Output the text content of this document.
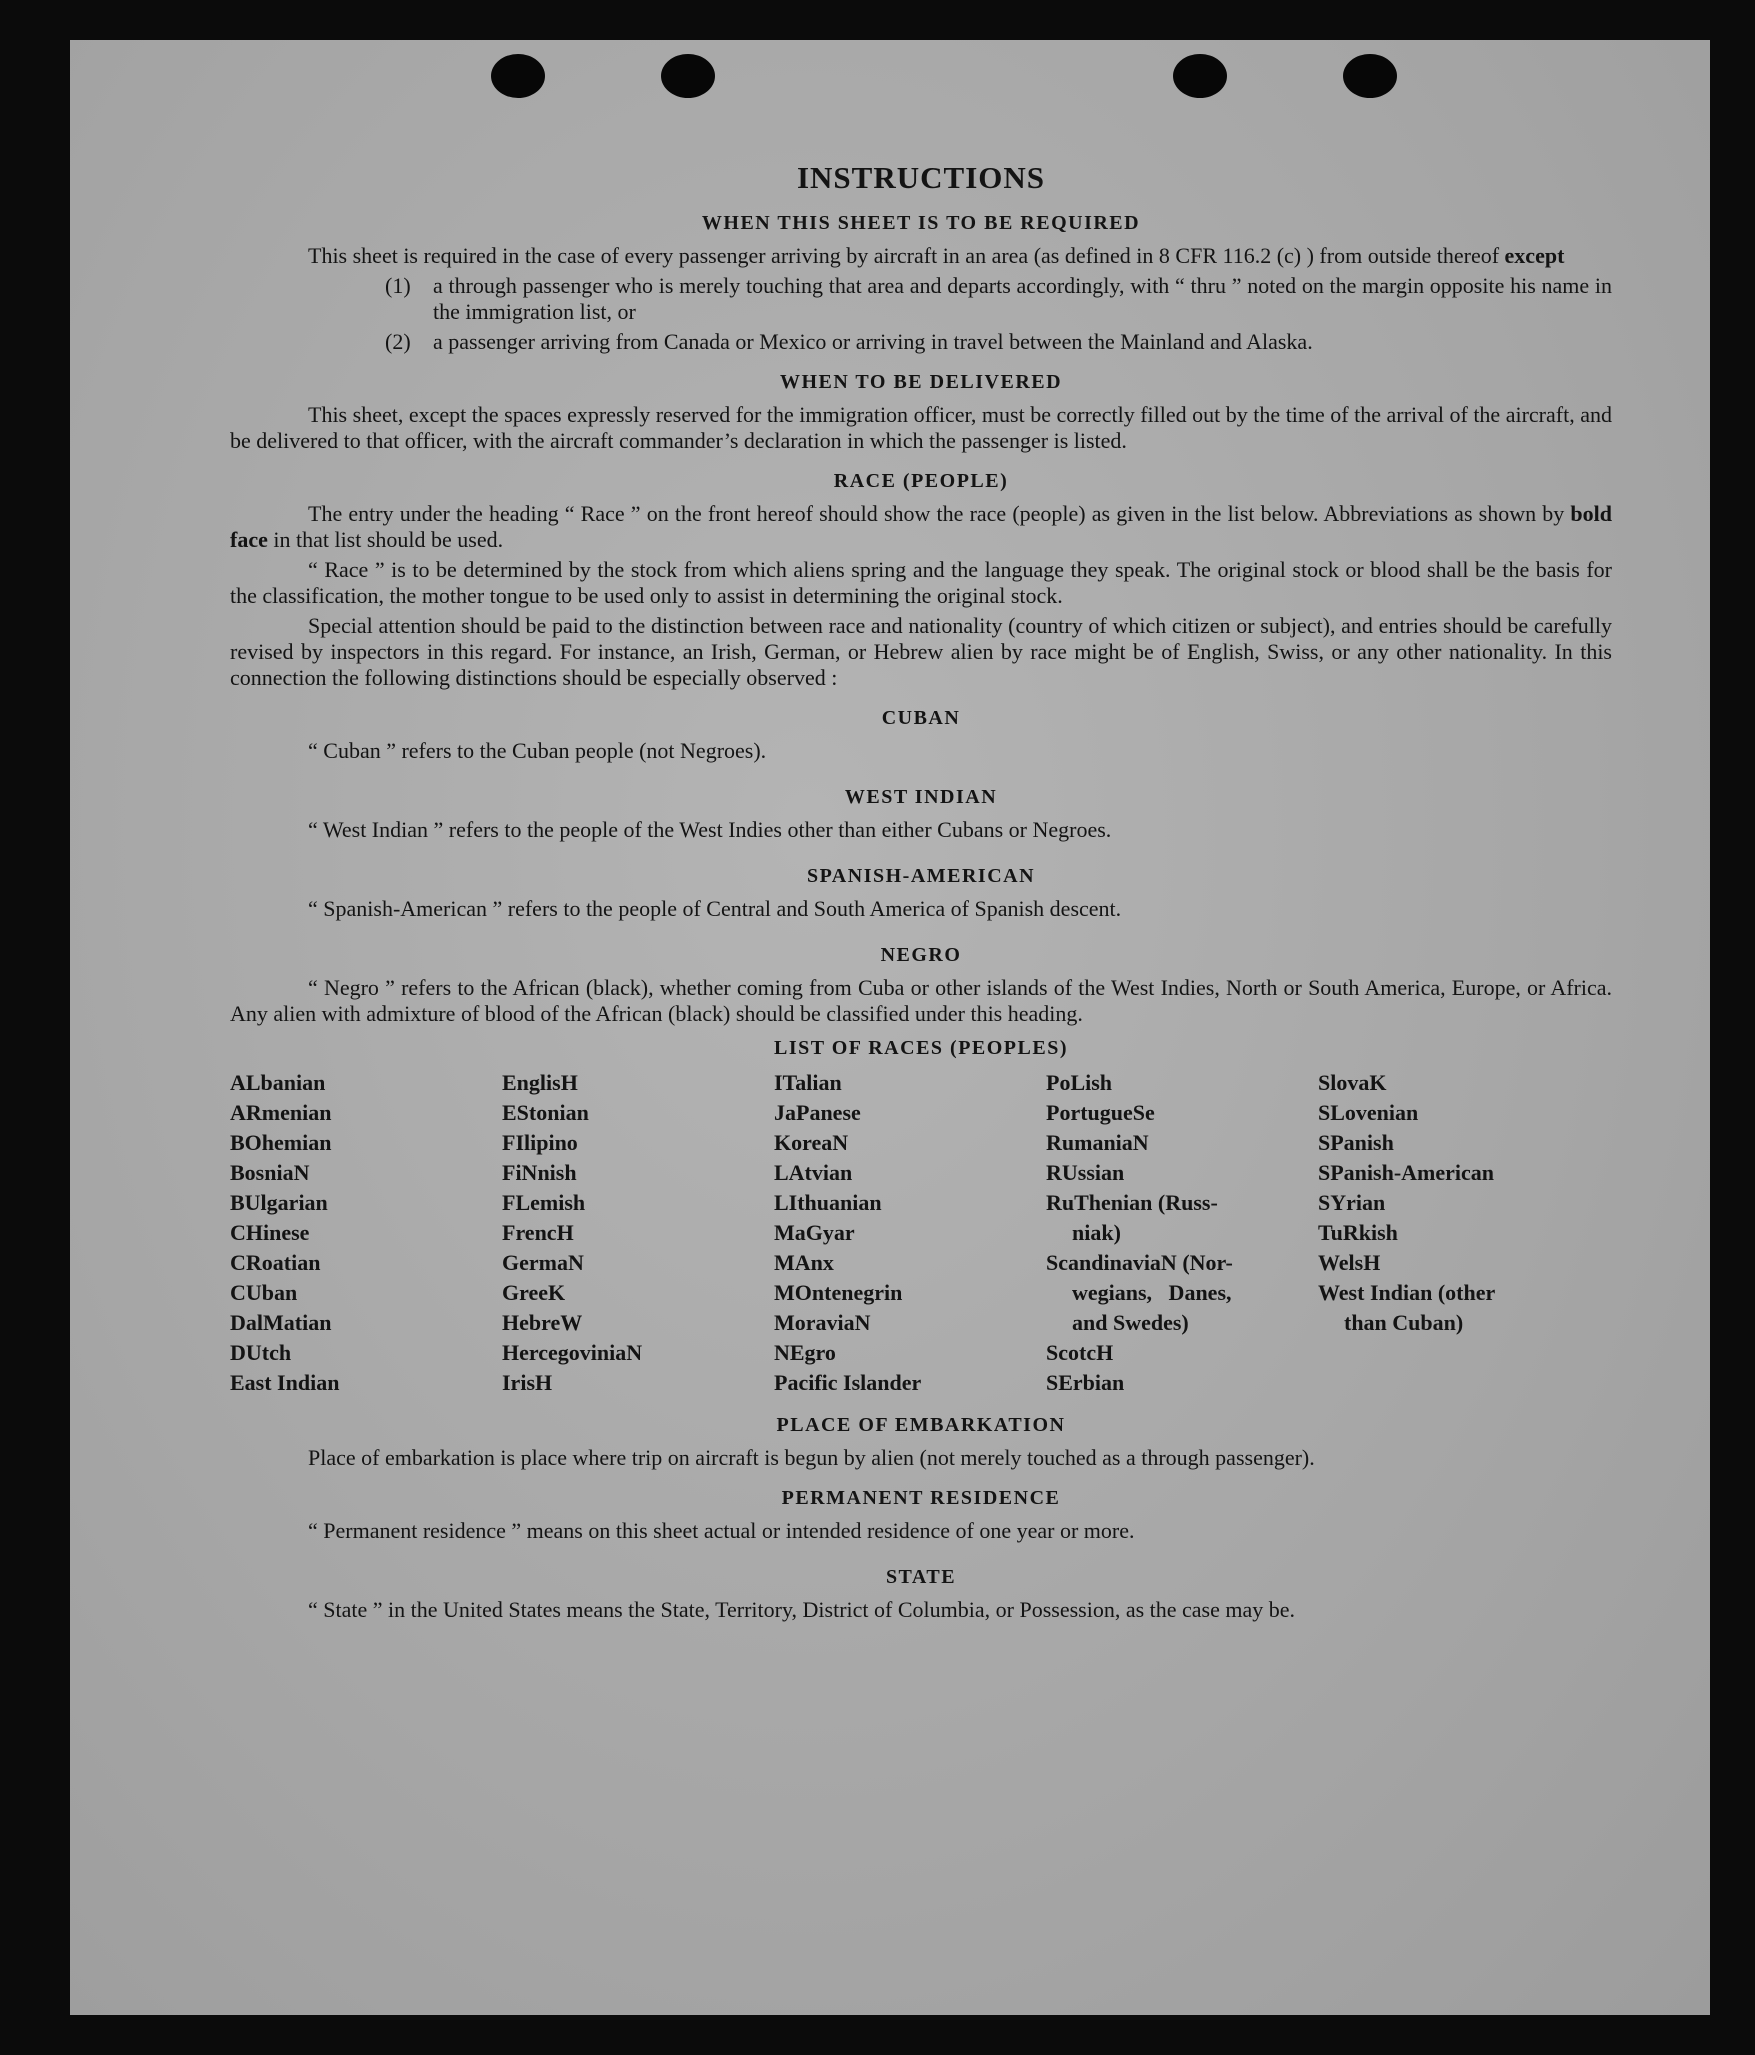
INSTRUCTIONS
WHEN THIS SHEET IS TO BE REQUIRED
This sheet is required in the case of every passenger arriving by aircraft in an area (as defined in 8 CFR 116.2 (c) ) from outside thereof except
(1)	a through passenger who is merely touching that area and departs accordingly, with “ thru ” noted on the margin opposite his name in the immigration list, or
(2)	a passenger arriving from Canada or Mexico or arriving in travel between the Mainland and Alaska.
WHEN TO BE DELIVERED
This sheet, except the spaces expressly reserved for the immigration officer, must be correctly filled out by the time of the arrival of the aircraft, and be delivered to that officer, with the aircraft commander’s declaration in which the passenger is listed.
RACE (PEOPLE)
The entry under the heading “ Race ” on the front hereof should show the race (people) as given in the list below. Abbreviations as shown by bold face in that list should be used.
“ Race ” is to be determined by the stock from which aliens spring and the language they speak. The original stock or blood shall be the basis for the classification, the mother tongue to be used only to assist in determining the original stock.
Special attention should be paid to the distinction between race and nationality (country of which citizen or subject), and entries should be carefully revised by inspectors in this regard. For instance, an Irish, German, or Hebrew alien by race might be of English, Swiss, or any other nationality. In this connection the following distinctions should be especially observed :
CUBAN
“ Cuban ” refers to the Cuban people (not Negroes).
WEST INDIAN
“ West Indian ” refers to the people of the West Indies other than either Cubans or Negroes.
SPANISH-AMERICAN
“ Spanish-American ” refers to the people of Central and South America of Spanish descent.
NEGRO
“ Negro ” refers to the African (black), whether coming from Cuba or other islands of the West Indies, North or South America, Europe, or Africa. Any alien with admixture of blood of the African (black) should be classified under this heading.
LIST OF RACES (PEOPLES)
ALbanian
ARmenian
BOhemian
BosniaN
BUlgarian
CHinese
CRoatian
CUban
DalMatian
DUtch
East Indian
EnglisH
EStonian
FIlipino
FiNnish
FLemish
FrencH
GermaN
GreeK
HebreW
HercegoviniaN
IrisH
ITalian
JaPanese
KoreaN
LAtvian
LIthuanian
MaGyar
MAnx
MOntenegrin
MoraviaN
NEgro
Pacific Islander
PoLish
PortugueSe
RumaniaN
RUssian
RuThenian (Russ-
niak)
ScandinaviaN (Nor-
wegians,   Danes,
and Swedes)
ScotcH
SErbian
SlovaK
SLovenian
SPanish
SPanish-American
SYrian
TuRkish
WelsH
West Indian (other
than Cuban)
PLACE OF EMBARKATION
Place of embarkation is place where trip on aircraft is begun by alien (not merely touched as a through passenger).
PERMANENT RESIDENCE
“ Permanent residence ” means on this sheet actual or intended residence of one year or more.
STATE
“ State ” in the United States means the State, Territory, District of Columbia, or Possession, as the case may be.
